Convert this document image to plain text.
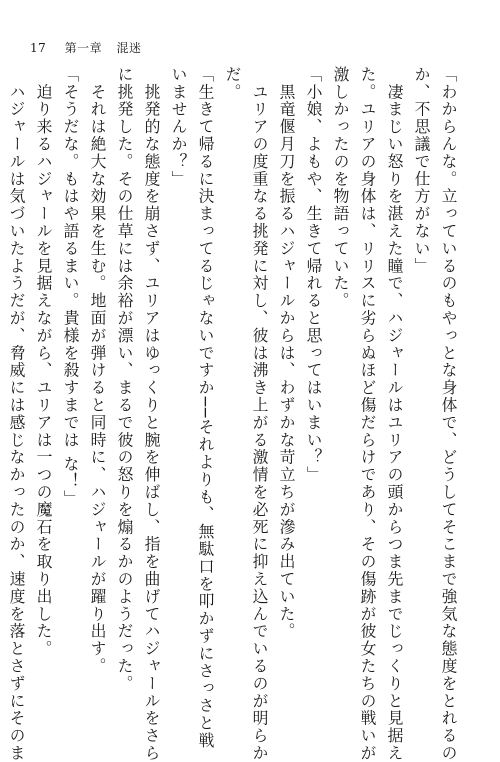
17 第一章 混迷

「わからんな。立っているのもやっとな身体で、どうしてそこまで強気な態度をとれるの

か、不思議で仕方がない」

　凄まじい怒りを湛えた瞳で、ハジャールはユリアの頭からつま先までじっくりと見据え

た。ユリアの身体は、リリスに劣らぬほど傷だらけであり、その傷跡が彼女たちの戦いが

激しかったのを物語っていた。

「小娘、よもや、生きて帰れると思ってはいまい？」

　黒竜偃月刀を振るハジャールからは、わずかな苛立ちが滲み出ていた。

　ユリアの度重なる挑発に対し、彼は沸き上がる激情を必死に抑え込んでいるのが明らか

だ。

「生きて帰るに決まってるじゃないですか──それよりも、無駄口を叩かずにさっさと戦

いませんか？」

　挑発的な態度を崩さず、ユリアはゆっくりと腕を伸ばし、指を曲げてハジャールをさら

に挑発した。その仕草には余裕が漂い、まるで彼の怒りを煽るかのようだった。

　それは絶大な効果を生む。地面が弾けると同時に、ハジャールが躍り出す。

「そうだな。もはや語るまい。貴様を殺すまでは な！」

　迫り来るハジャールを見据えながら、ユリアは一つの魔石を取り出した。

　ハジャールは気づいたようだが、脅威には感じなかったのか、速度を落とさずにそのま
